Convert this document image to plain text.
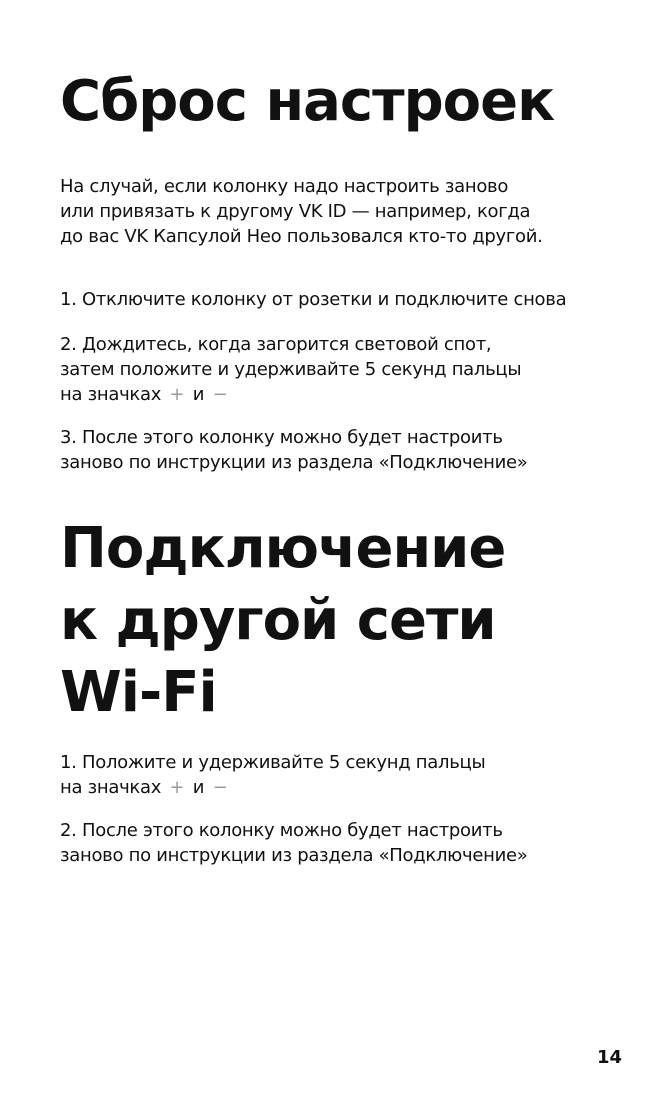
Сброс настроек

На случай, если колонку надо настроить заново
или привязать к другому VK ID — например, когда
до вас VK Капсулой Нео пользовался кто-то другой.

1. Отключите колонку от розетки и подключите снова

2. Дождитесь, когда загорится световой спот,
затем положите и удерживайте 5 секунд пальцы
на значках + и −

3. После этого колонку можно будет настроить
заново по инструкции из раздела «Подключение»

Подключение
к другой сети
Wi-Fi

1. Положите и удерживайте 5 секунд пальцы
на значках + и −

2. После этого колонку можно будет настроить
заново по инструкции из раздела «Подключение»

14
